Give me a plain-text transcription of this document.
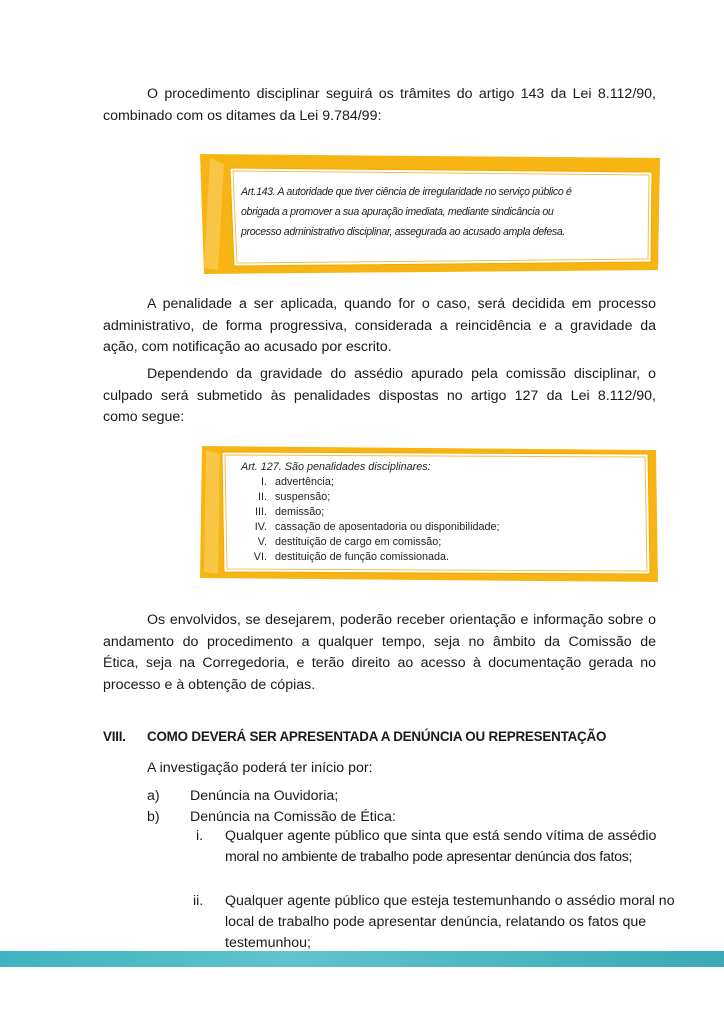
O procedimento disciplinar seguirá os trâmites do artigo 143 da Lei 8.112/90,
combinado com os ditames da Lei 9.784/99:

Art.143. A autoridade que tiver ciência de irregularidade no serviço público é
obrigada a promover a sua apuração imediata, mediante sindicância ou
processo administrativo disciplinar, assegurada ao acusado ampla defesa.

A penalidade a ser aplicada, quando for o caso, será decidida em processo
administrativo, de forma progressiva, considerada a reincidência e a gravidade da
ação, com notificação ao acusado por escrito.

Dependendo da gravidade do assédio apurado pela comissão disciplinar, o
culpado será submetido às penalidades dispostas no artigo 127 da Lei 8.112/90,
como segue:

Art. 127. São penalidades disciplinares:
I. advertência;
II. suspensão;
III. demissão;
IV. cassação de aposentadoria ou disponibilidade;
V. destituição de cargo em comissão;
VI. destituição de função comissionada.

Os envolvidos, se desejarem, poderão receber orientação e informação sobre o
andamento do procedimento a qualquer tempo, seja no âmbito da Comissão de
Ética, seja na Corregedoria, e terão direito ao acesso à documentação gerada no
processo e à obtenção de cópias.

VIII.	COMO DEVERÁ SER APRESENTADA A DENÚNCIA OU REPRESENTAÇÃO
A investigação poderá ter início por:
a) Denúncia na Ouvidoria;
b) Denúncia na Comissão de Ética:
i. Qualquer agente público que sinta que está sendo vítima de assédio
moral no ambiente de trabalho pode apresentar denúncia dos fatos;
ii. Qualquer agente público que esteja testemunhando o assédio moral no
local de trabalho pode apresentar denúncia, relatando os fatos que
testemunhou;
